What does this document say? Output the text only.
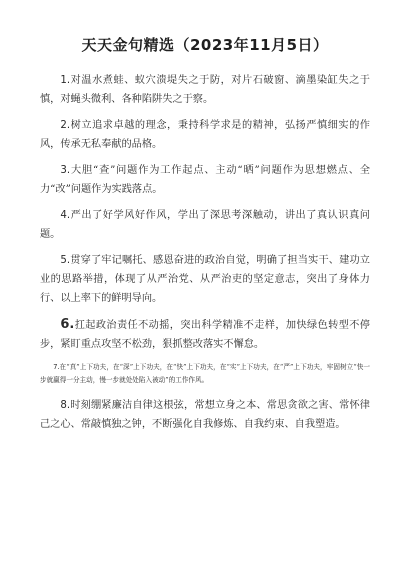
天天金句精选（2023年11月5日）

1.对温水煮蛙、蚁穴溃堤失之于防，对片石破窗、滴墨染缸失之于慎，对蝇头微利、各种陷阱失之于察。

2.树立追求卓越的理念，秉持科学求是的精神，弘扬严慎细实的作风，传承无私奉献的品格。

3.大胆“查”问题作为工作起点、主动“晒”问题作为思想燃点、全力“改”问题作为实践落点。

4.严出了好学风好作风，学出了深思考深触动，讲出了真认识真问题。

5.贯穿了牢记嘱托、感恩奋进的政治自觉，明确了担当实干、建功立业的思路举措，体现了从严治党、从严治吏的坚定意志，突出了身体力行、以上率下的鲜明导向。

6.扛起政治责任不动摇，突出科学精准不走样，加快绿色转型不停步，紧盯重点攻坚不松劲，狠抓整改落实不懈怠。

7.在“真”上下功夫，在“深”上下功夫，在“快”上下功夫，在“实”上下功夫，在“严”上下功夫，牢固树立“快一步就赢得一分主动，慢一步就处处陷入被动”的工作作风。

8.时刻绷紧廉洁自律这根弦，常想立身之本、常思贪欲之害、常怀律己之心、常敲慎独之钟，不断强化自我修炼、自我约束、自我塑造。
